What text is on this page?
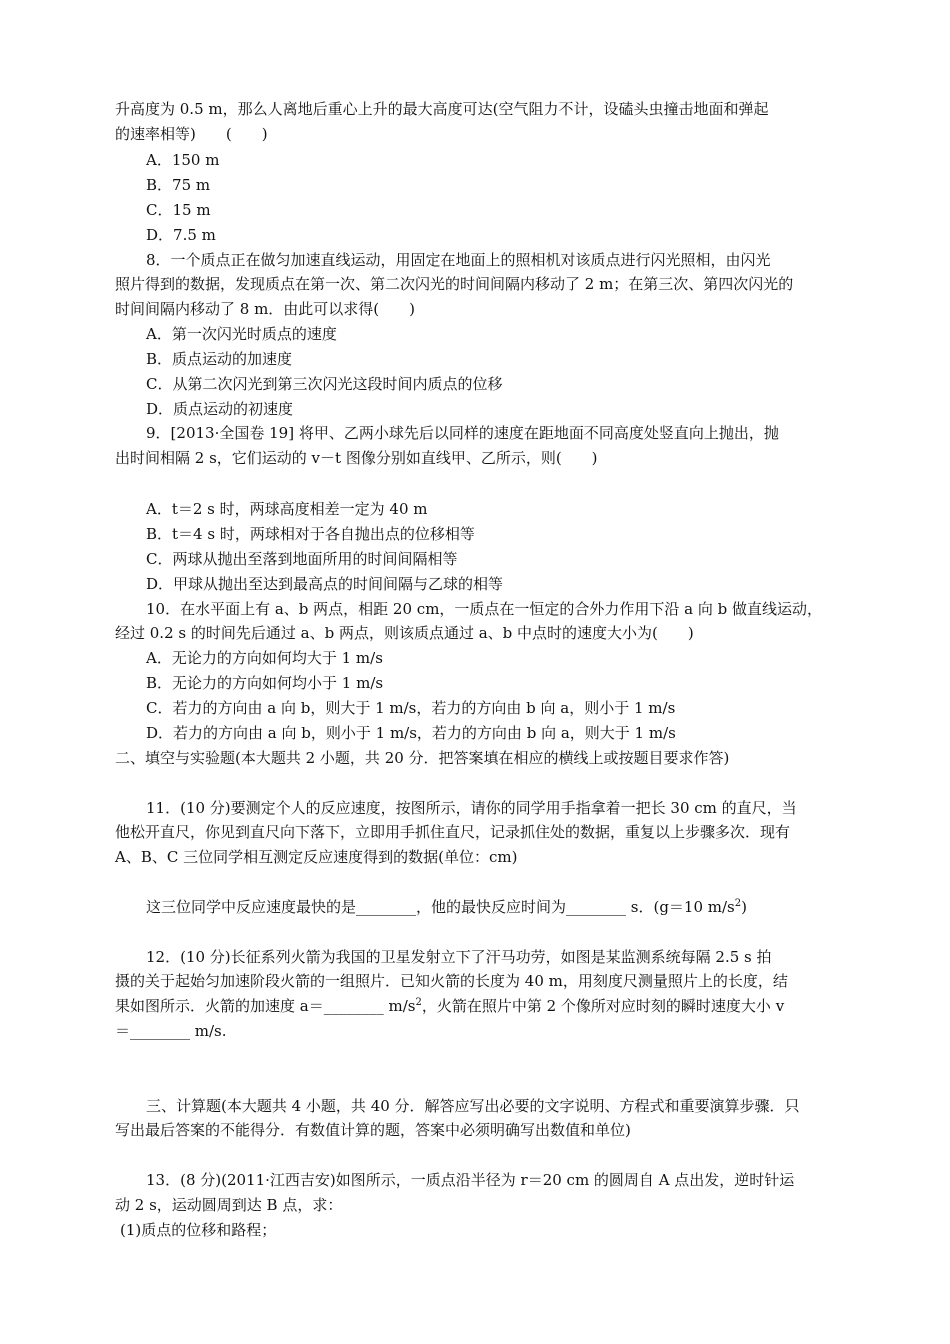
升高度为 0.5 m，那么人离地后重心上升的最大高度可达(空气阻力不计，设磕头虫撞击地面和弹起
的速率相等)　　(　　)
A．150 m
B．75 m
C．15 m
D．7.5 m
8．一个质点正在做匀加速直线运动，用固定在地面上的照相机对该质点进行闪光照相，由闪光
照片得到的数据，发现质点在第一次、第二次闪光的时间间隔内移动了 2 m；在第三次、第四次闪光的
时间间隔内移动了 8 m．由此可以求得(　　)
A．第一次闪光时质点的速度
B．质点运动的加速度
C．从第二次闪光到第三次闪光这段时间内质点的位移
D．质点运动的初速度
9．[2013·全国卷 19] 将甲、乙两小球先后以同样的速度在距地面不同高度处竖直向上抛出，抛
出时间相隔 2 s，它们运动的 v－t 图像分别如直线甲、乙所示，则(　　)
A．t＝2 s 时，两球高度相差一定为 40 m
B．t＝4 s 时，两球相对于各自抛出点的位移相等
C．两球从抛出至落到地面所用的时间间隔相等
D．甲球从抛出至达到最高点的时间间隔与乙球的相等
10．在水平面上有 a、b 两点，相距 20 cm，一质点在一恒定的合外力作用下沿 a 向 b 做直线运动，
经过 0.2 s 的时间先后通过 a、b 两点，则该质点通过 a、b 中点时的速度大小为(　　)
A．无论力的方向如何均大于 1 m/s
B．无论力的方向如何均小于 1 m/s
C．若力的方向由 a 向 b，则大于 1 m/s，若力的方向由 b 向 a，则小于 1 m/s
D．若力的方向由 a 向 b，则小于 1 m/s，若力的方向由 b 向 a，则大于 1 m/s
二、填空与实验题(本大题共 2 小题，共 20 分．把答案填在相应的横线上或按题目要求作答)
11．(10 分)要测定个人的反应速度，按图所示，请你的同学用手指拿着一把长 30 cm 的直尺，当
他松开直尺，你见到直尺向下落下，立即用手抓住直尺，记录抓住处的数据，重复以上步骤多次．现有
A、B、C 三位同学相互测定反应速度得到的数据(单位：cm)
这三位同学中反应速度最快的是________，他的最快反应时间为________ s．(g＝10 $m/s^2$)
12．(10 分)长征系列火箭为我国的卫星发射立下了汗马功劳，如图是某监测系统每隔 2.5 s 拍
摄的关于起始匀加速阶段火箭的一组照片．已知火箭的长度为 40 m，用刻度尺测量照片上的长度，结
果如图所示．火箭的加速度 a＝________ $m/s^2$，火箭在照片中第 2 个像所对应时刻的瞬时速度大小 v
＝________ m/s.
三、计算题(本大题共 4 小题，共 40 分．解答应写出必要的文字说明、方程式和重要演算步骤．只
写出最后答案的不能得分．有数值计算的题，答案中必须明确写出数值和单位)
13．(8 分)(2011·江西吉安)如图所示，一质点沿半径为 r＝20 cm 的圆周自 A 点出发，逆时针运
动 2 s，运动圆周到达 B 点，求：
(1)质点的位移和路程；
